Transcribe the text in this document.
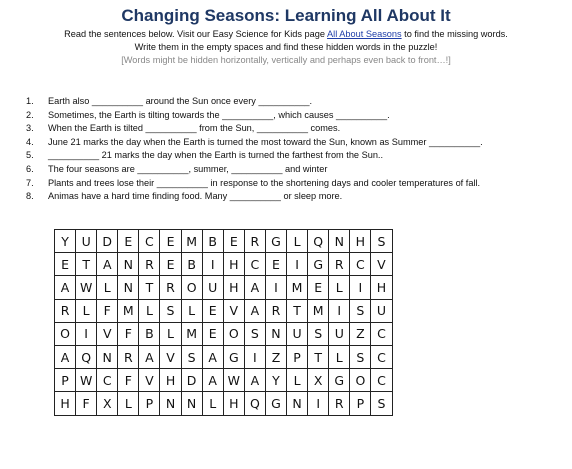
Changing Seasons: Learning All About It
Read the sentences below. Visit our Easy Science for Kids page All About Seasons to find the missing words.
Write them in the empty spaces and find these hidden words in the puzzle!
[Words might be hidden horizontally, vertically and perhaps even back to front…!]
1. Earth also __________ around the Sun once every __________.
2. Sometimes, the Earth is tilting towards the __________, which causes __________.
3. When the Earth is tilted __________ from the Sun, __________ comes.
4. June 21 marks the day when the Earth is turned the most toward the Sun, known as Summer __________.
5. __________ 21 marks the day when the Earth is turned the farthest from the Sun..
6. The four seasons are __________, summer, __________ and winter
7. Plants and trees lose their __________ in response to the shortening days and cooler temperatures of fall.
8. Animas have a hard time finding food. Many __________ or sleep more.
Y	U	D	E	C	E	M	B	E	R	G	L	Q	N	H	S
E	T	A	N	R	E	B	I	H	C	E	I	G	R	C	V
A	W	L	N	T	R	O	U	H	A	I	M	E	L	I	H
R	L	F	M	L	S	L	E	V	A	R	T	M	I	S	U
O	I	V	F	B	L	M	E	O	S	N	U	S	U	Z	C
A	Q	N	R	A	V	S	A	G	I	Z	P	T	L	S	C
P	W	C	F	V	H	D	A	W	A	Y	L	X	G	O	C
H	F	X	L	P	N	N	L	H	Q	G	N	I	R	P	S
